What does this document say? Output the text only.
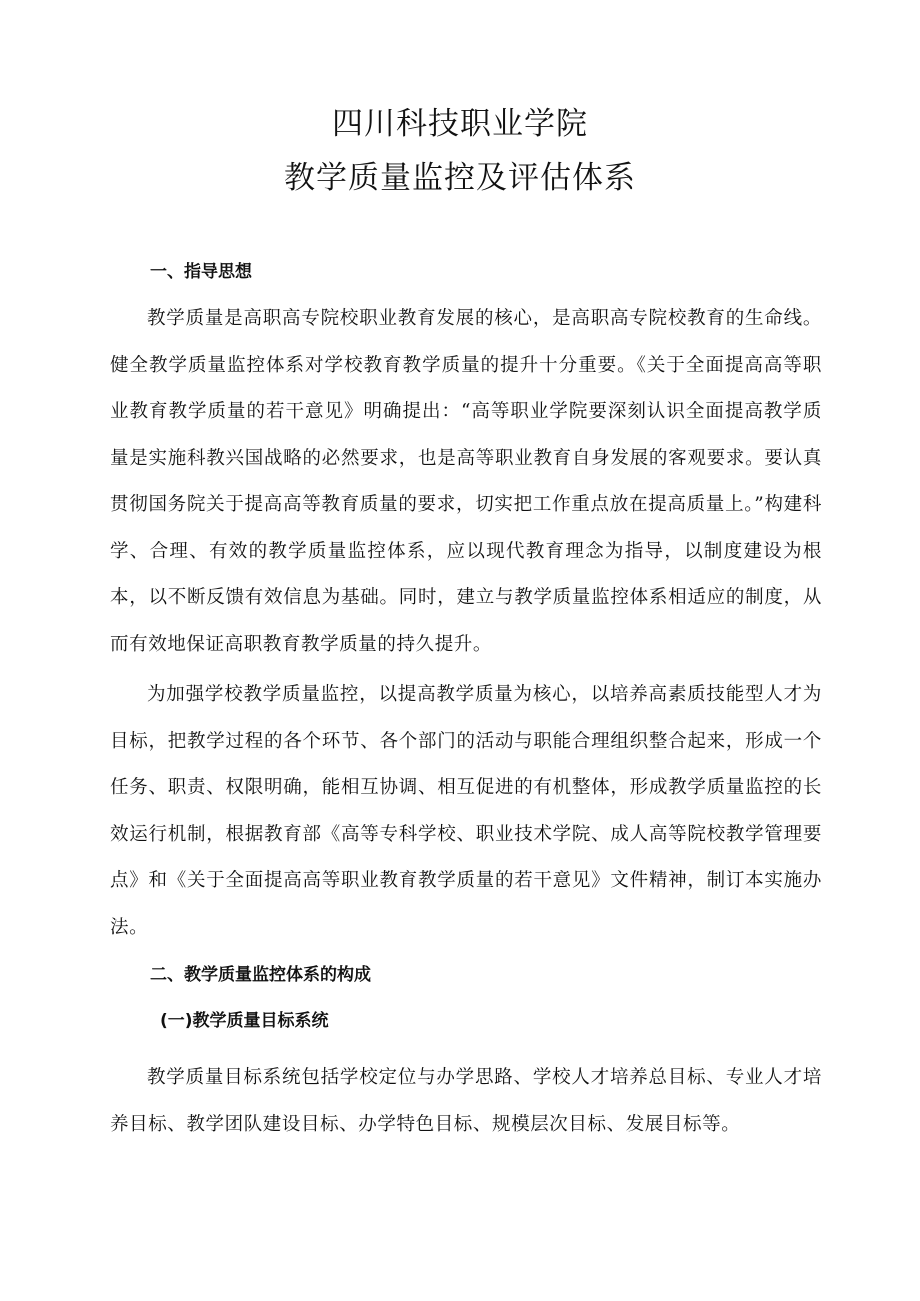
四川科技职业学院
教学质量监控及评估体系
一、指导思想

教学质量是高职高专院校职业教育发展的核心，是高职高专院校教育的生命线。健全教学质量监控体系对学校教育教学质量的提升十分重要。《关于全面提高高等职业教育教学质量的若干意见》明确提出：“高等职业学院要深刻认识全面提高教学质量是实施科教兴国战略的必然要求，也是高等职业教育自身发展的客观要求。要认真贯彻国务院关于提高高等教育质量的要求，切实把工作重点放在提高质量上。”构建科学、合理、有效的教学质量监控体系，应以现代教育理念为指导，以制度建设为根本，以不断反馈有效信息为基础。同时，建立与教学质量监控体系相适应的制度，从而有效地保证高职教育教学质量的持久提升。

为加强学校教学质量监控，以提高教学质量为核心，以培养高素质技能型人才为目标，把教学过程的各个环节、各个部门的活动与职能合理组织整合起来，形成一个任务、职责、权限明确，能相互协调、相互促进的有机整体，形成教学质量监控的长效运行机制，根据教育部《高等专科学校、职业技术学院、成人高等院校教学管理要点》和《关于全面提高高等职业教育教学质量的若干意见》文件精神，制订本实施办法。

二、教学质量监控体系的构成
(一)教学质量目标系统

教学质量目标系统包括学校定位与办学思路、学校人才培养总目标、专业人才培养目标、教学团队建设目标、办学特色目标、规模层次目标、发展目标等。
